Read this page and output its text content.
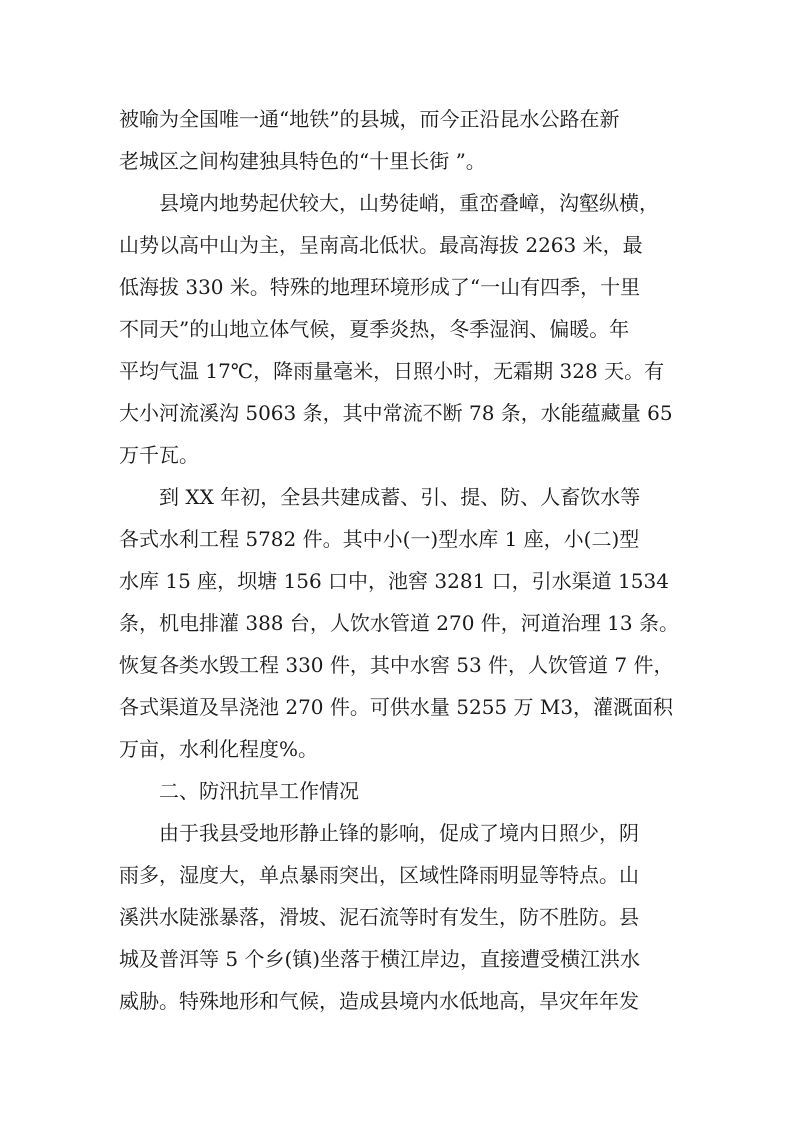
被喻为全国唯一通“地铁”的县城，而今正沿昆水公路在新
老城区之间构建独具特色的“十里长街 ”。
县境内地势起伏较大，山势徒峭，重峦叠嶂，沟壑纵横，
山势以高中山为主，呈南高北低状。最高海拔 2263 米，最
低海拔 330 米。特殊的地理环境形成了“一山有四季，十里
不同天”的山地立体气候，夏季炎热，冬季湿润、偏暖。年
平均气温 17℃，降雨量毫米，日照小时，无霜期 328 天。有
大小河流溪沟 5063 条，其中常流不断 78 条，水能蕴藏量 65
万千瓦。
到 XX 年初，全县共建成蓄、引、提、防、人畜饮水等
各式水利工程 5782 件。其中小(一)型水库 1 座，小(二)型
水库 15 座，坝塘 156 口中，池窖 3281 口，引水渠道 1534
条，机电排灌 388 台，人饮水管道 270 件，河道治理 13 条。
恢复各类水毁工程 330 件，其中水窖 53 件，人饮管道 7 件，
各式渠道及旱浇池 270 件。可供水量 5255 万 M3，灌溉面积
万亩，水利化程度%。
二、防汛抗旱工作情况
由于我县受地形静止锋的影响，促成了境内日照少，阴
雨多，湿度大，单点暴雨突出，区域性降雨明显等特点。山
溪洪水陡涨暴落，滑坡、泥石流等时有发生，防不胜防。县
城及普洱等 5 个乡(镇)坐落于横江岸边，直接遭受横江洪水
威胁。特殊地形和气候，造成县境内水低地高，旱灾年年发
